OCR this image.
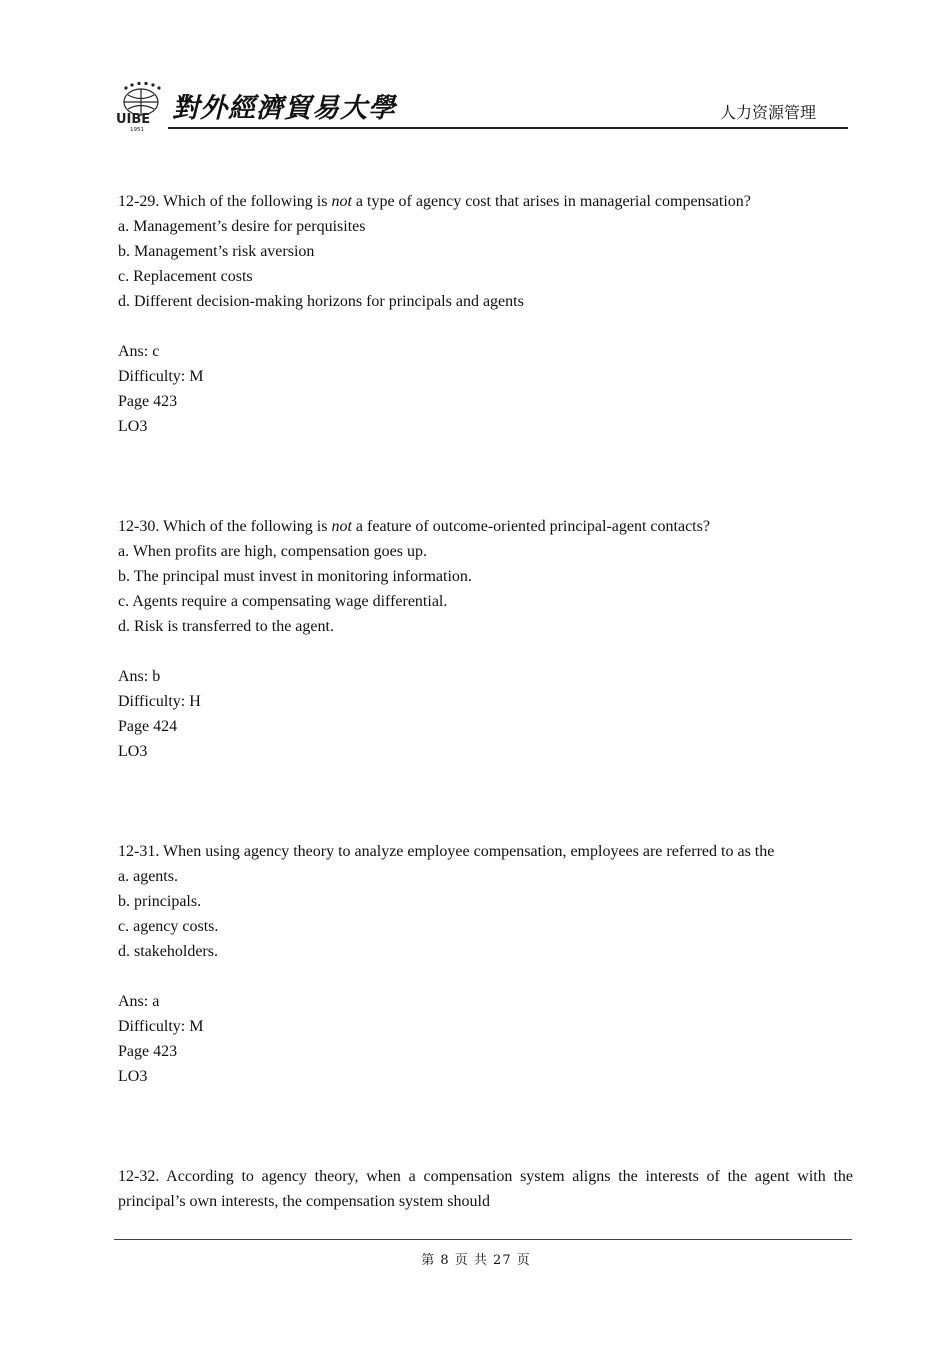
UIBE
1951
對外經濟貿易大學	人力资源管理

12-29. Which of the following is not a type of agency cost that arises in managerial compensation?

a. Management’s desire for perquisites

b. Management’s risk aversion

c. Replacement costs

d. Different decision-making horizons for principals and agents

Ans: c

Difficulty: M

Page 423

LO3

12-30. Which of the following is not a feature of outcome-oriented principal-agent contacts?

a. When profits are high, compensation goes up.

b. The principal must invest in monitoring information.

c. Agents require a compensating wage differential.

d. Risk is transferred to the agent.

Ans: b

Difficulty: H

Page 424

LO3

12-31. When using agency theory to analyze employee compensation, employees are referred to as the

a. agents.

b. principals.

c. agency costs.

d. stakeholders.

Ans: a

Difficulty: M

Page 423

LO3

12-32. According to agency theory, when a compensation system aligns the interests of the agent with the principal’s own interests, the compensation system should

第 8 页 共 27 页
